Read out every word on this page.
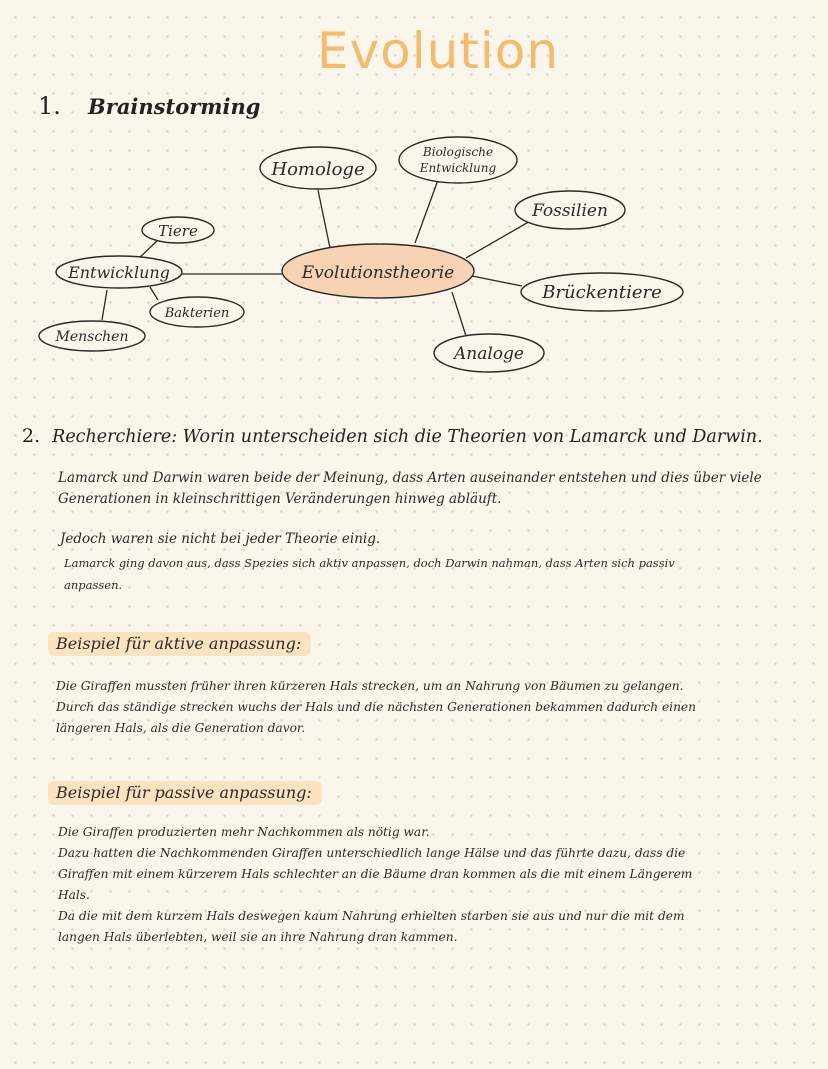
Evolution
1. Brainstorming
Evolutionstheorie
Homologe
Biologische
Entwicklung
Fossilien
Brückentiere
Analoge
Entwicklung
Tiere
Bakterien
Menschen
2. Recherchiere: Worin unterscheiden sich die Theorien von Lamarck und Darwin.

Lamarck und Darwin waren beide der Meinung, dass Arten auseinander entstehen und dies über viele
Generationen in kleinschrittigen Veränderungen hinweg abläuft.

Jedoch waren sie nicht bei jeder Theorie einig.

Lamarck ging davon aus, dass Spezies sich aktiv anpassen, doch Darwin nahman, dass Arten sich passiv
anpassen.

Beispiel für aktive anpassung:

Die Giraffen mussten früher ihren kürzeren Hals strecken, um an Nahrung von Bäumen zu gelangen.
Durch das ständige strecken wuchs der Hals und die nächsten Generationen bekammen dadurch einen
längeren Hals, als die Generation davor.

Beispiel für passive anpassung:

Die Giraffen produzierten mehr Nachkommen als nötig war.
Dazu hatten die Nachkommenden Giraffen unterschiedlich lange Hälse und das führte dazu, dass die
Giraffen mit einem kürzerem Hals schlechter an die Bäume dran kommen als die mit einem Längerem
Hals.
Da die mit dem kurzem Hals deswegen kaum Nahrung erhielten starben sie aus und nur die mit dem
langen Hals überlebten, weil sie an ihre Nahrung dran kammen.
